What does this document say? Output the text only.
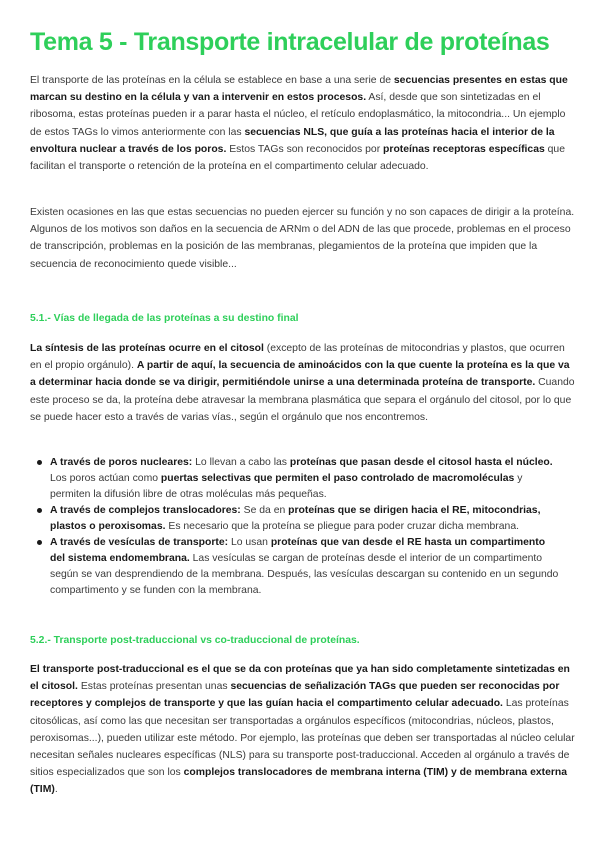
Tema 5 - Transporte intracelular de proteínas

El transporte de las proteínas en la célula se establece en base a una serie de secuencias presentes en estas que marcan su destino en la célula y van a intervenir en estos procesos. Así, desde que son sintetizadas en el ribosoma, estas proteínas pueden ir a parar hasta el núcleo, el retículo endoplasmático, la mitocondria... Un ejemplo de estos TAGs lo vimos anteriormente con las secuencias NLS, que guía a las proteínas hacia el interior de la envoltura nuclear a través de los poros. Estos TAGs son reconocidos por proteínas receptoras específicas que facilitan el transporte o retención de la proteína en el compartimento celular adecuado.

Existen ocasiones en las que estas secuencias no pueden ejercer su función y no son capaces de dirigir a la proteína. Algunos de los motivos son daños en la secuencia de ARNm o del ADN de las que procede, problemas en el proceso de transcripción, problemas en la posición de las membranas, plegamientos de la proteína que impiden que la secuencia de reconocimiento quede visible...

5.1.- Vías de llegada de las proteínas a su destino final

La síntesis de las proteínas ocurre en el citosol (excepto de las proteínas de mitocondrias y plastos, que ocurren en el propio orgánulo). A partir de aquí, la secuencia de aminoácidos con la que cuente la proteína es la que va a determinar hacia donde se va dirigir, permitiéndole unirse a una determinada proteína de transporte. Cuando este proceso se da, la proteína debe atravesar la membrana plasmática que separa el orgánulo del citosol, por lo que se puede hacer esto a través de varias vías., según el orgánulo que nos encontremos.

A través de poros nucleares: Lo llevan a cabo las proteínas que pasan desde el citosol hasta el núcleo. Los poros actúan como puertas selectivas que permiten el paso controlado de macromoléculas y permiten la difusión libre de otras moléculas más pequeñas.
A través de complejos translocadores: Se da en proteínas que se dirigen hacia el RE, mitocondrias, plastos o peroxisomas. Es necesario que la proteína se pliegue para poder cruzar dicha membrana.
A través de vesículas de transporte: Lo usan proteínas que van desde el RE hasta un compartimento del sistema endomembrana. Las vesículas se cargan de proteínas desde el interior de un compartimento según se van desprendiendo de la membrana. Después, las vesículas descargan su contenido en un segundo compartimento y se funden con la membrana.
5.2.- Transporte post-traduccional vs co-traduccional de proteínas.

El transporte post-traduccional es el que se da con proteínas que ya han sido completamente sintetizadas en el citosol. Estas proteínas presentan unas secuencias de señalización TAGs que pueden ser reconocidas por receptores y complejos de transporte y que las guían hacia el compartimento celular adecuado. Las proteínas citosólicas, así como las que necesitan ser transportadas a orgánulos específicos (mitocondrias, núcleos, plastos, peroxisomas...), pueden utilizar este método. Por ejemplo, las proteínas que deben ser transportadas al núcleo celular necesitan señales nucleares específicas (NLS) para su transporte post-traduccional. Acceden al orgánulo a través de sitios especializados que son los complejos translocadores de membrana interna (TIM) y de membrana externa (TIM).
